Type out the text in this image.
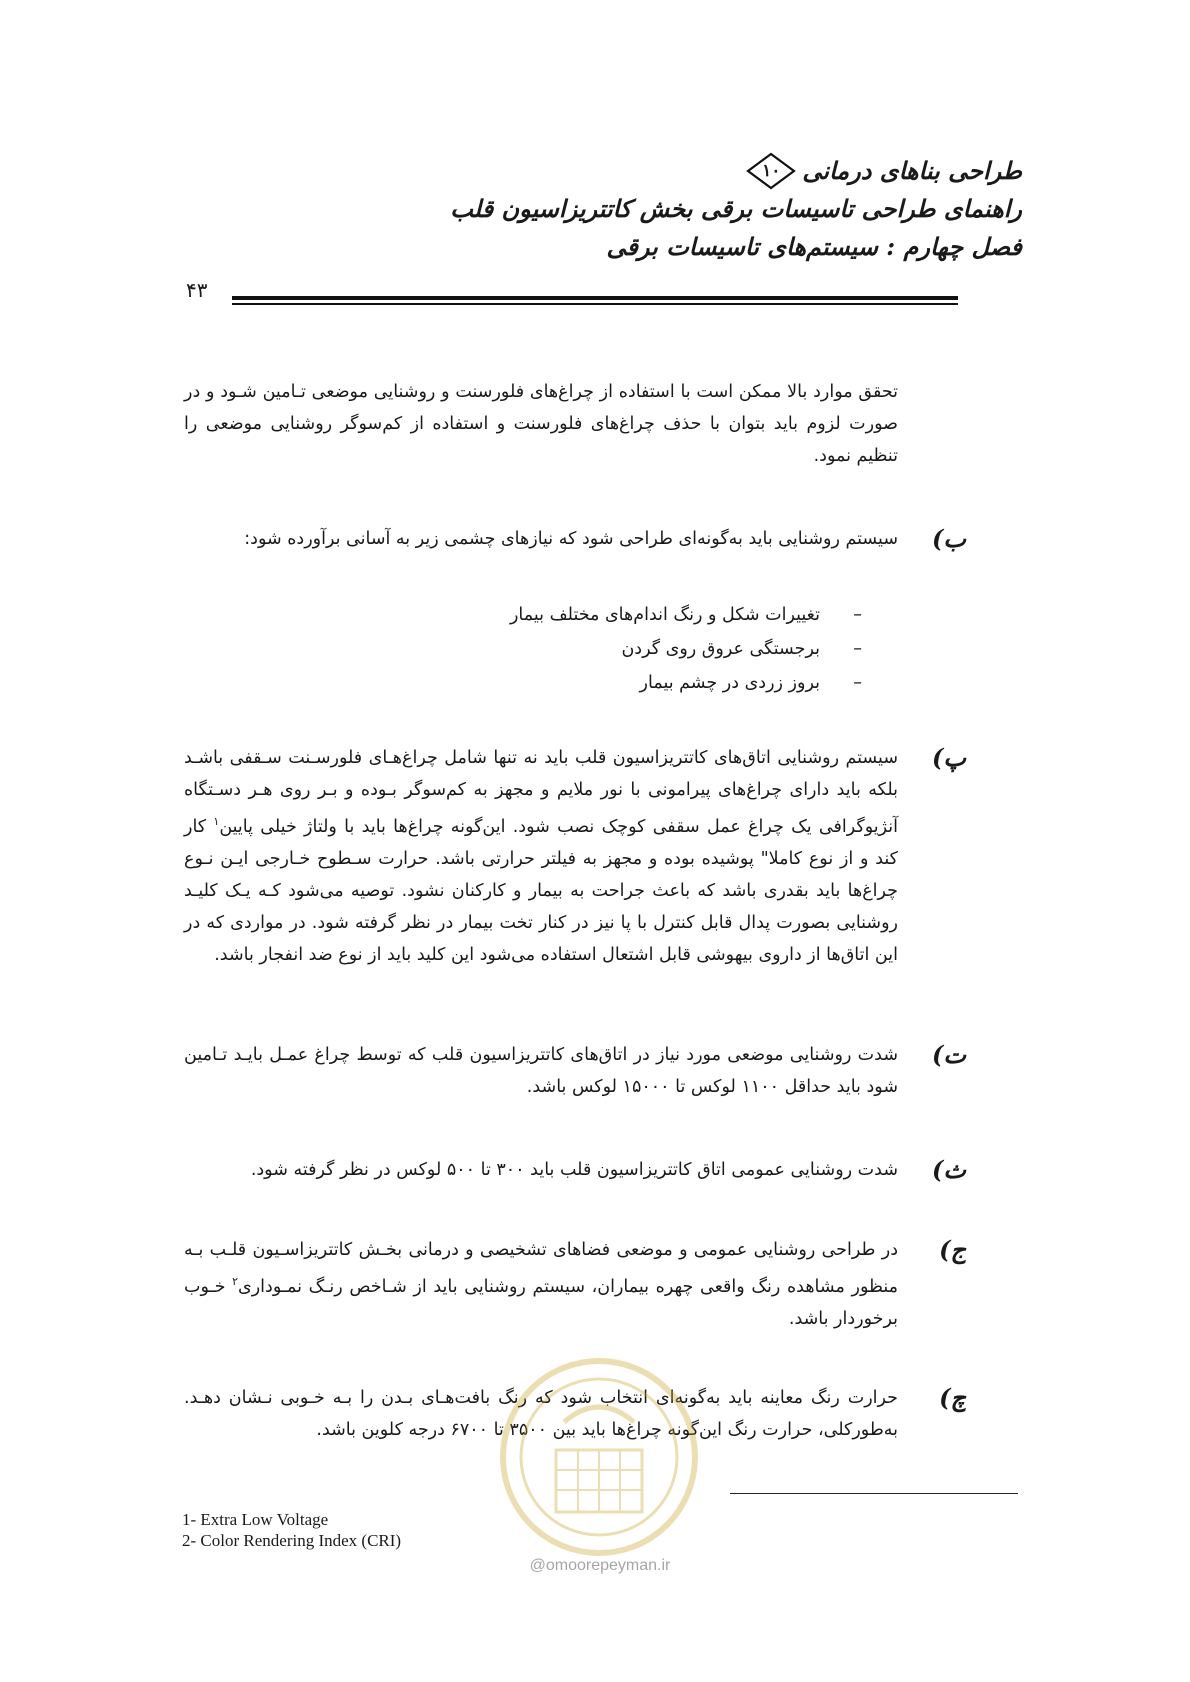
طراحی بناهای درمانی
۱۰
راهنمای طراحی تاسیسات برقی بخش کاتتریزاسیون قلب
فصل چهارم : سیستم‌های تاسیسات برقی
۴۳
تحقق موارد بالا ممکن است با استفاده از چراغ‌های فلورسنت و روشنایی موضعی تـامین شـود و در صورت لزوم باید بتوان با حذف چراغ‌های فلورسنت و استفاده از کم‌سوگر روشنایی موضعی را تنظیم نمود.
ب)
سیستم روشنایی باید به‌گونه‌ای طراحی شود که نیازهای چشمی زیر به آسانی برآورده شود:
–
تغییرات شکل و رنگ اندام‌های مختلف بیمار
–
برجستگی عروق روی گردن
–
بروز زردی در چشم بیمار
پ)
سیستم روشنایی اتاق‌های کاتتریزاسیون قلب باید نه تنها شامل چراغ‌هـای فلورسـنت سـقفی باشـد بلکه باید دارای چراغ‌های پیرامونی با نور ملایم و مجهز به کم‌سوگر بـوده و بـر روی هـر دسـتگاه آنژیوگرافی یک چراغ عمل سقفی کوچک نصب شود. این‌گونه چراغ‌ها باید با ولتاژ خیلی پایین$^۱$ کار کند و از نوع کاملا" پوشیده بوده و مجهز به فیلتر حرارتی باشد. حرارت سـطوح خـارجی ایـن نـوع چراغ‌ها باید بقدری باشد که باعث جراحت به بیمار و کارکنان نشود. توصیه می‌شود کـه یـک کلیـد روشنایی بصورت پدال قابل کنترل با پا نیز در کنار تخت بیمار در نظر گرفته شود. در مواردی که در این اتاق‌ها از داروی بیهوشی قابل اشتعال استفاده می‌شود این کلید باید از نوع ضد انفجار باشد.
ت)
شدت روشنایی موضعی مورد نیاز در اتاق‌های کاتتریزاسیون قلب که توسط چراغ عمـل بایـد تـامین شود باید حداقل ۱۱۰۰ لوکس تا ۱۵۰۰۰ لوکس باشد.
ث)
شدت روشنایی عمومی اتاق کاتتریزاسیون قلب باید ۳۰۰ تا ۵۰۰ لوکس در نظر گرفته شود.
ج)
در طراحی روشنایی عمومی و موضعی فضاهای تشخیصی و درمانی بخـش کاتتریزاسـیون قلـب بـه منظور مشاهده رنگ واقعی چهره بیماران، سیستم روشنایی باید از شـاخص رنـگ نمـوداری$^۲$ خـوب برخوردار باشد.
چ)
حرارت رنگ معاینه باید به‌گونه‌ای انتخاب شود که رنگ بافت‌هـای بـدن را بـه خـوبی نـشان دهـد. به‌طورکلی، حرارت رنگ این‌گونه چراغ‌ها باید بین ۳۵۰۰ تا ۶۷۰۰ درجه کلوین باشد.
@omoorepeyman.ir
1- Extra Low Voltage
2- Color Rendering Index (CRI)
